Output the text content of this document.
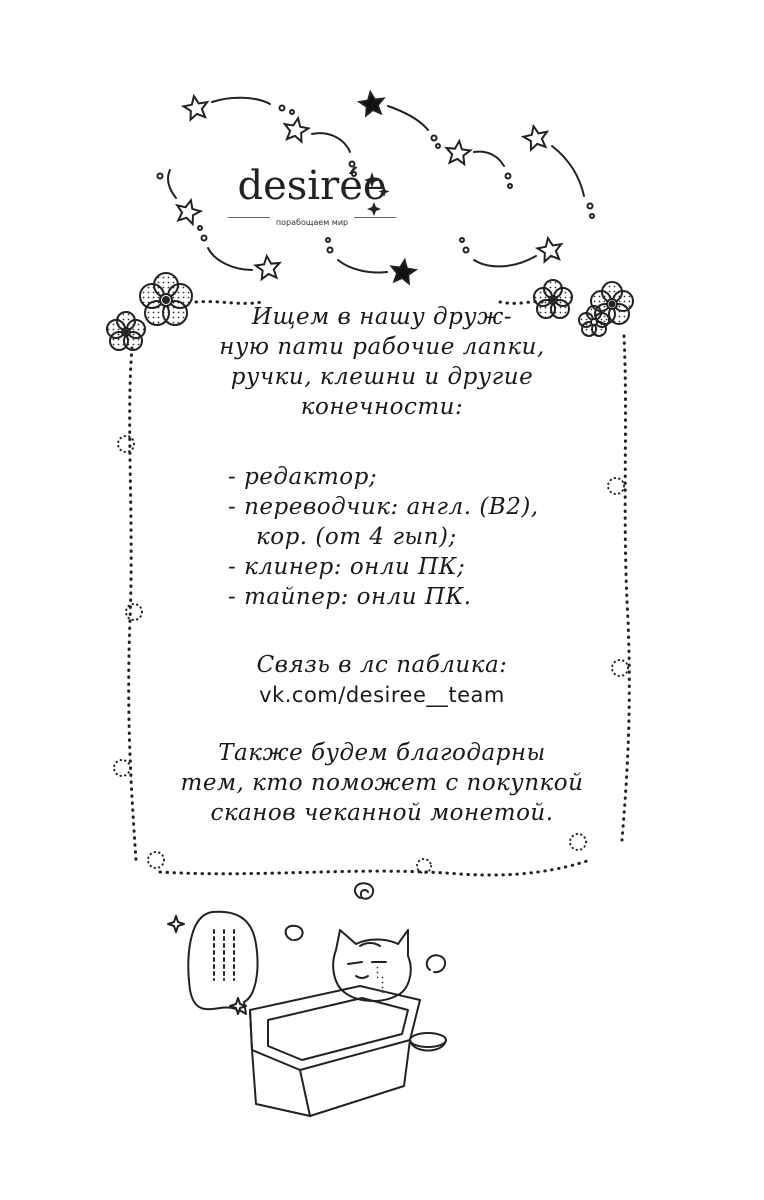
desirée
порабощаем мир
Ищем в нашу друж-
ную пати рабочие лапки,
ручки, клешни и другие
конечности:
- редактор;
- переводчик: англ. (В2),
кор. (от 4 гып);
- клинер: онли ПК;
- тайпер: онли ПК.
Связь в лс паблика:
vk.com/desiree__team
Также будем благодарны
тем, кто поможет с покупкой
сканов чеканной монетой.
